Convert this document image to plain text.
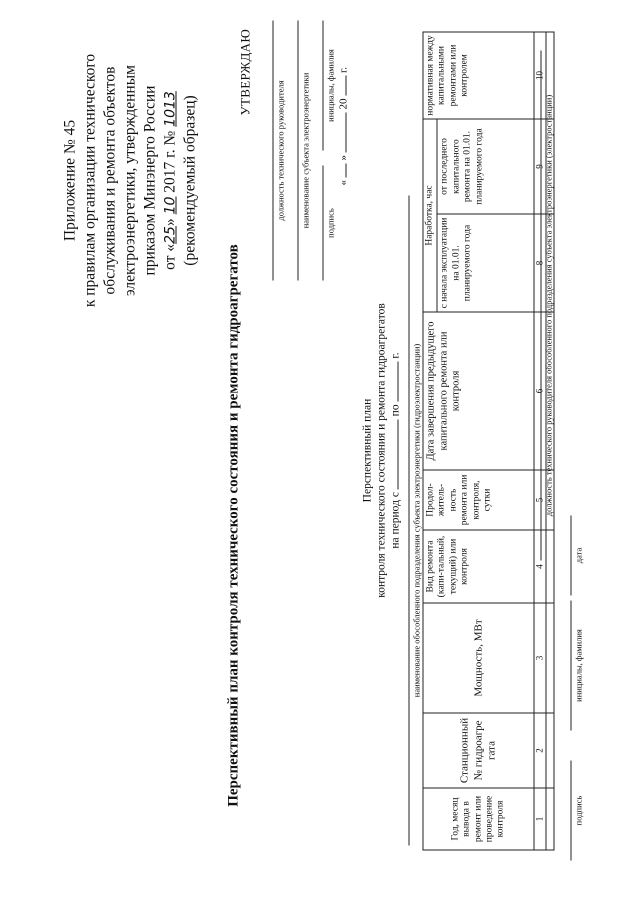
Приложение № 45 к правилам организации технического обслуживания и ремонта объектов электроэнергетики, утвержденным приказом Минэнерго России от «25» 10 2017 г. № 1013 (рекомендуемый образец)
Перспективный план контроля технического состояния и ремонта гидроагрегатов
УТВЕРЖДАЮ
должность технического руководителя наименование субъекта электроэнергетики подпись
инициалы, фамилия
«  »  20  г.
Перспективный план контроля технического состояния и ремонта гидроагрегатов на период с  по  г. наименование обособленного подразделения субъекта электроэнергетики (гидроэлектростанции)
Год, месяц вывода в ремонт или проведение контроля	Станционный № гидроагре гата	Мощность, МВт	Вид ремонта (капи-тальный, текущий) или контроля	Продол-житель-ность ремонта или контроля, сутки	Дата завершения предыдущего капитального ремонта или контроля	Наработка, час		нормативная между капитальными ремонтами или контролем
						с начала эксплуатации на 01.01. планируемого года	от последнего капитального ремонта на 01.01. планируемого года	
1	2	3	4	5	6	8	9	10

должность технического руководителя обособленного подразделения субъекта электроэнергетики (электростанции)
подпись
инициалы, фамилия
дата
